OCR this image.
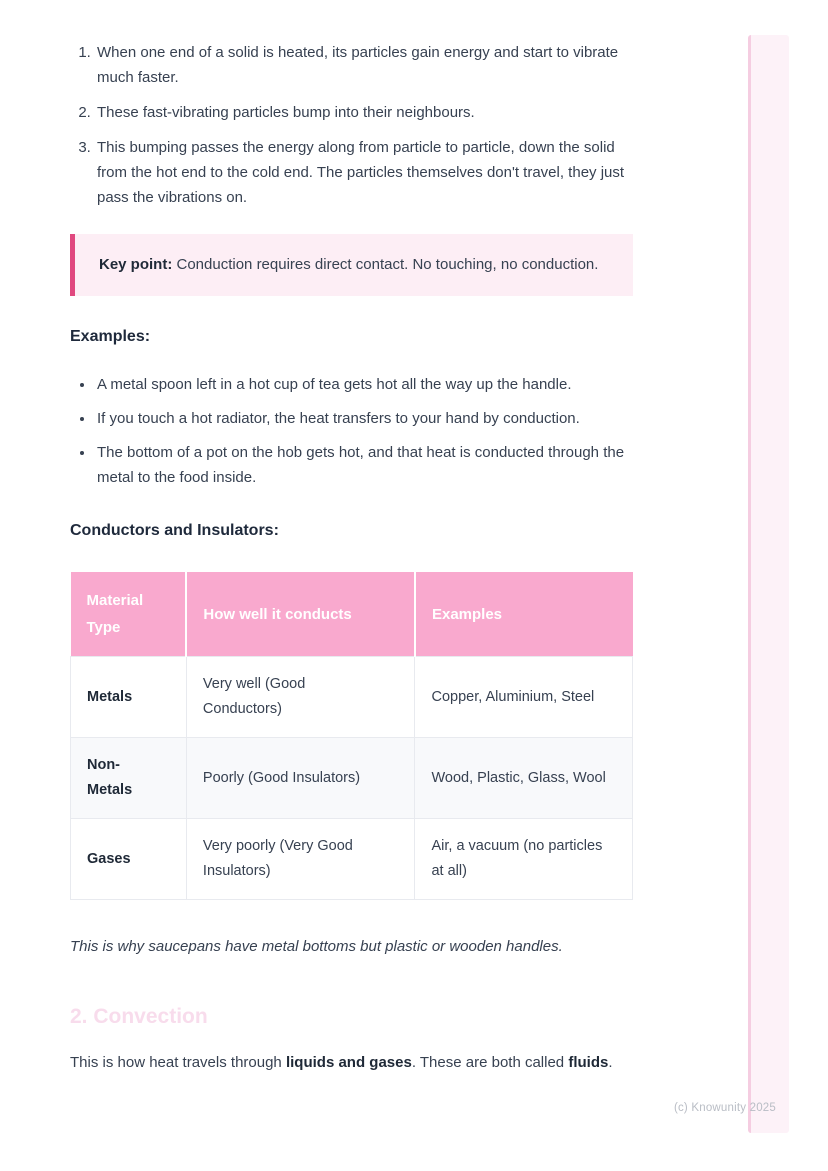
1. When one end of a solid is heated, its particles gain energy and start to vibrate much faster.
2. These fast-vibrating particles bump into their neighbours.
3. This bumping passes the energy along from particle to particle, down the solid from the hot end to the cold end. The particles themselves don't travel, they just pass the vibrations on.
Key point: Conduction requires direct contact. No touching, no conduction.
Examples:
• A metal spoon left in a hot cup of tea gets hot all the way up the handle.
• If you touch a hot radiator, the heat transfers to your hand by conduction.
• The bottom of a pot on the hob gets hot, and that heat is conducted through the metal to the food inside.
Conductors and Insulators:
Material Type	How well it conducts	Examples
Metals	Very well (Good Conductors)	Copper, Aluminium, Steel
Non-Metals	Poorly (Good Insulators)	Wood, Plastic, Glass, Wool
Gases	Very poorly (Very Good Insulators)	Air, a vacuum (no particles at all)

This is why saucepans have metal bottoms but plastic or wooden handles.

2. Convection

This is how heat travels through liquids and gases. These are both called fluids.

(c) Knowunity 2025
